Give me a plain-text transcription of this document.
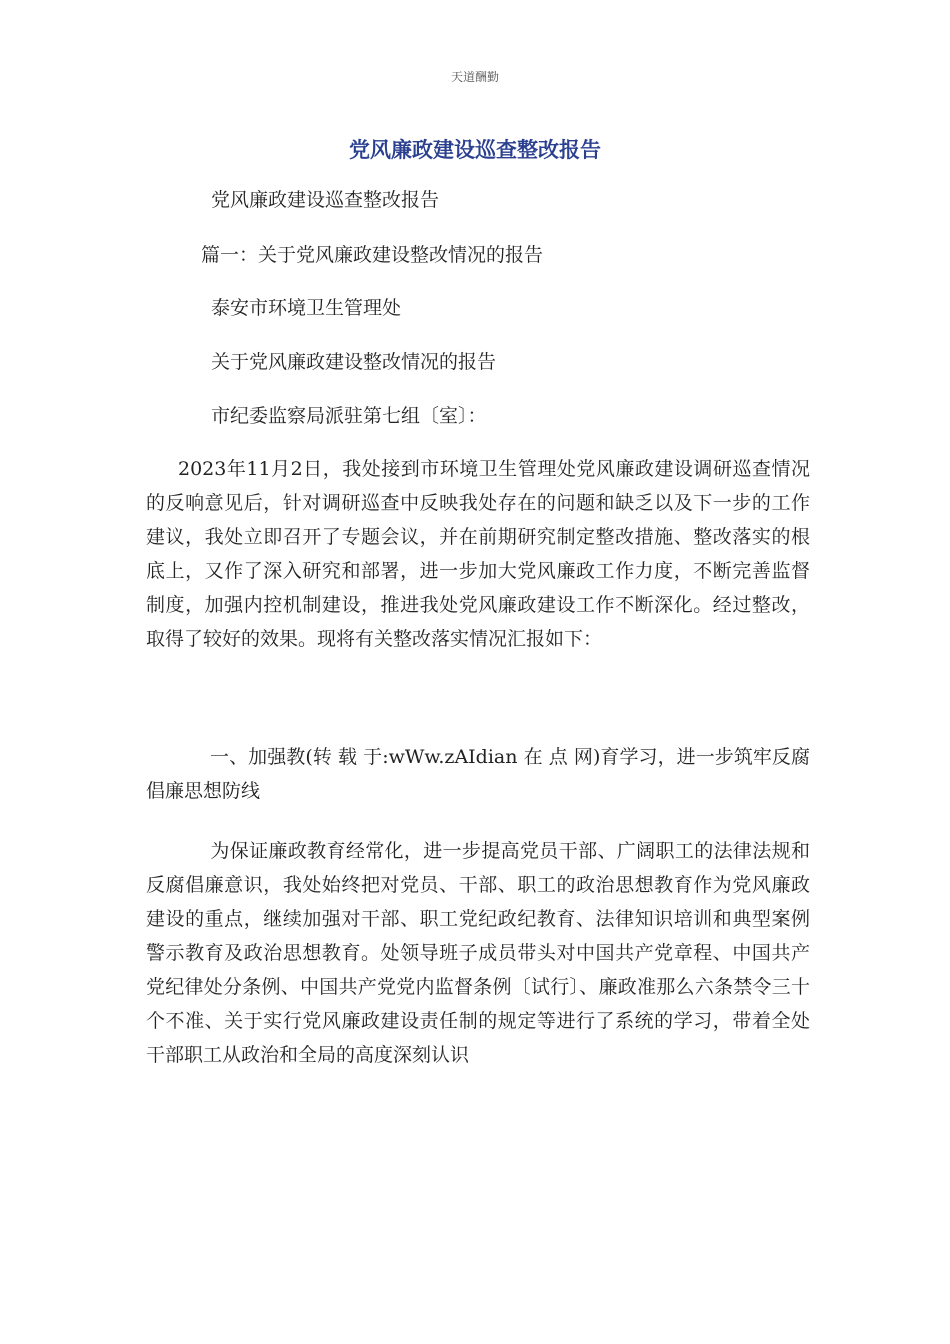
天道酬勤
党风廉政建设巡查整改报告

党风廉政建设巡查整改报告

篇一：关于党风廉政建设整改情况的报告

泰安市环境卫生管理处

关于党风廉政建设整改情况的报告

市纪委监察局派驻第七组〔室〕：

2023年11月2日，我处接到市环境卫生管理处党风廉政建设调研巡查情况的反响意见后，针对调研巡查中反映我处存在的问题和缺乏以及下一步的工作建议，我处立即召开了专题会议，并在前期研究制定整改措施、整改落实的根底上，又作了深入研究和部署，进一步加大党风廉政工作力度，不断完善监督制度，加强内控机制建设，推进我处党风廉政建设工作不断深化。经过整改，取得了较好的效果。现将有关整改落实情况汇报如下：

一、加强教(转 载 于:wWw.zAIdian 在 点 网)育学习，进一步筑牢反腐倡廉思想防线

为保证廉政教育经常化，进一步提高党员干部、广阔职工的法律法规和反腐倡廉意识，我处始终把对党员、干部、职工的政治思想教育作为党风廉政建设的重点，继续加强对干部、职工党纪政纪教育、法律知识培训和典型案例警示教育及政治思想教育。处领导班子成员带头对中国共产党章程、中国共产党纪律处分条例、中国共产党党内监督条例〔试行〕、廉政准那么六条禁令三十个不准、关于实行党风廉政建设责任制的规定等进行了系统的学习，带着全处干部职工从政治和全局的高度深刻认识
